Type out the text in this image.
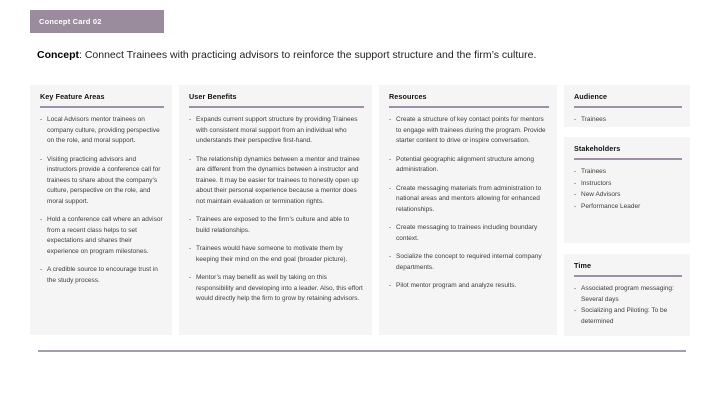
Concept Card 02

Concept: Connect Trainees with practicing advisors to reinforce the support structure and the firm’s culture.

Key Feature Areas
- Local Advisors mentor trainees on company culture, providing perspective on the role, and moral support.
- Visiting practicing advisors and instructors provide a conference call for trainees to share about the company’s culture, perspective on the role, and moral support.
- Hold a conference call where an advisor from a recent class helps to set expectations and shares their experience on program milestones.
- A credible source to encourage trust in the study process.
User Benefits
- Expands current support structure by providing Trainees with consistent moral support from an individual who understands their perspective first-hand.
- The relationship dynamics between a mentor and trainee are different from the dynamics between a instructor and trainee. It may be easier for trainees to honestly open up about their personal experience because a mentor does not maintain evaluation or termination rights.
- Trainees are exposed to the firm’s culture and able to build relationships.
- Trainees would have someone to motivate them by keeping their mind on the end goal (broader picture).
- Mentor’s may benefit as well by taking on this responsibility and developing into a leader. Also, this effort would directly help the firm to grow by retaining advisors.
Resources
- Create a structure of key contact points for mentors to engage with trainees during the program. Provide starter content to drive or inspire conversation.
- Potential geographic alignment structure among administration.
- Create messaging materials from administration to national areas and mentors allowing for enhanced relationships.
- Create messaging to trainees including boundary context.
- Socialize the concept to required internal company departments.
- Pilot mentor program and analyze results.
Audience
- Trainees
Stakeholders
- Trainees
- Instructors
- New Advisors
- Performance Leader
Time
- Associated program messaging: Several days
- Socializing and Piloting: To be determined
